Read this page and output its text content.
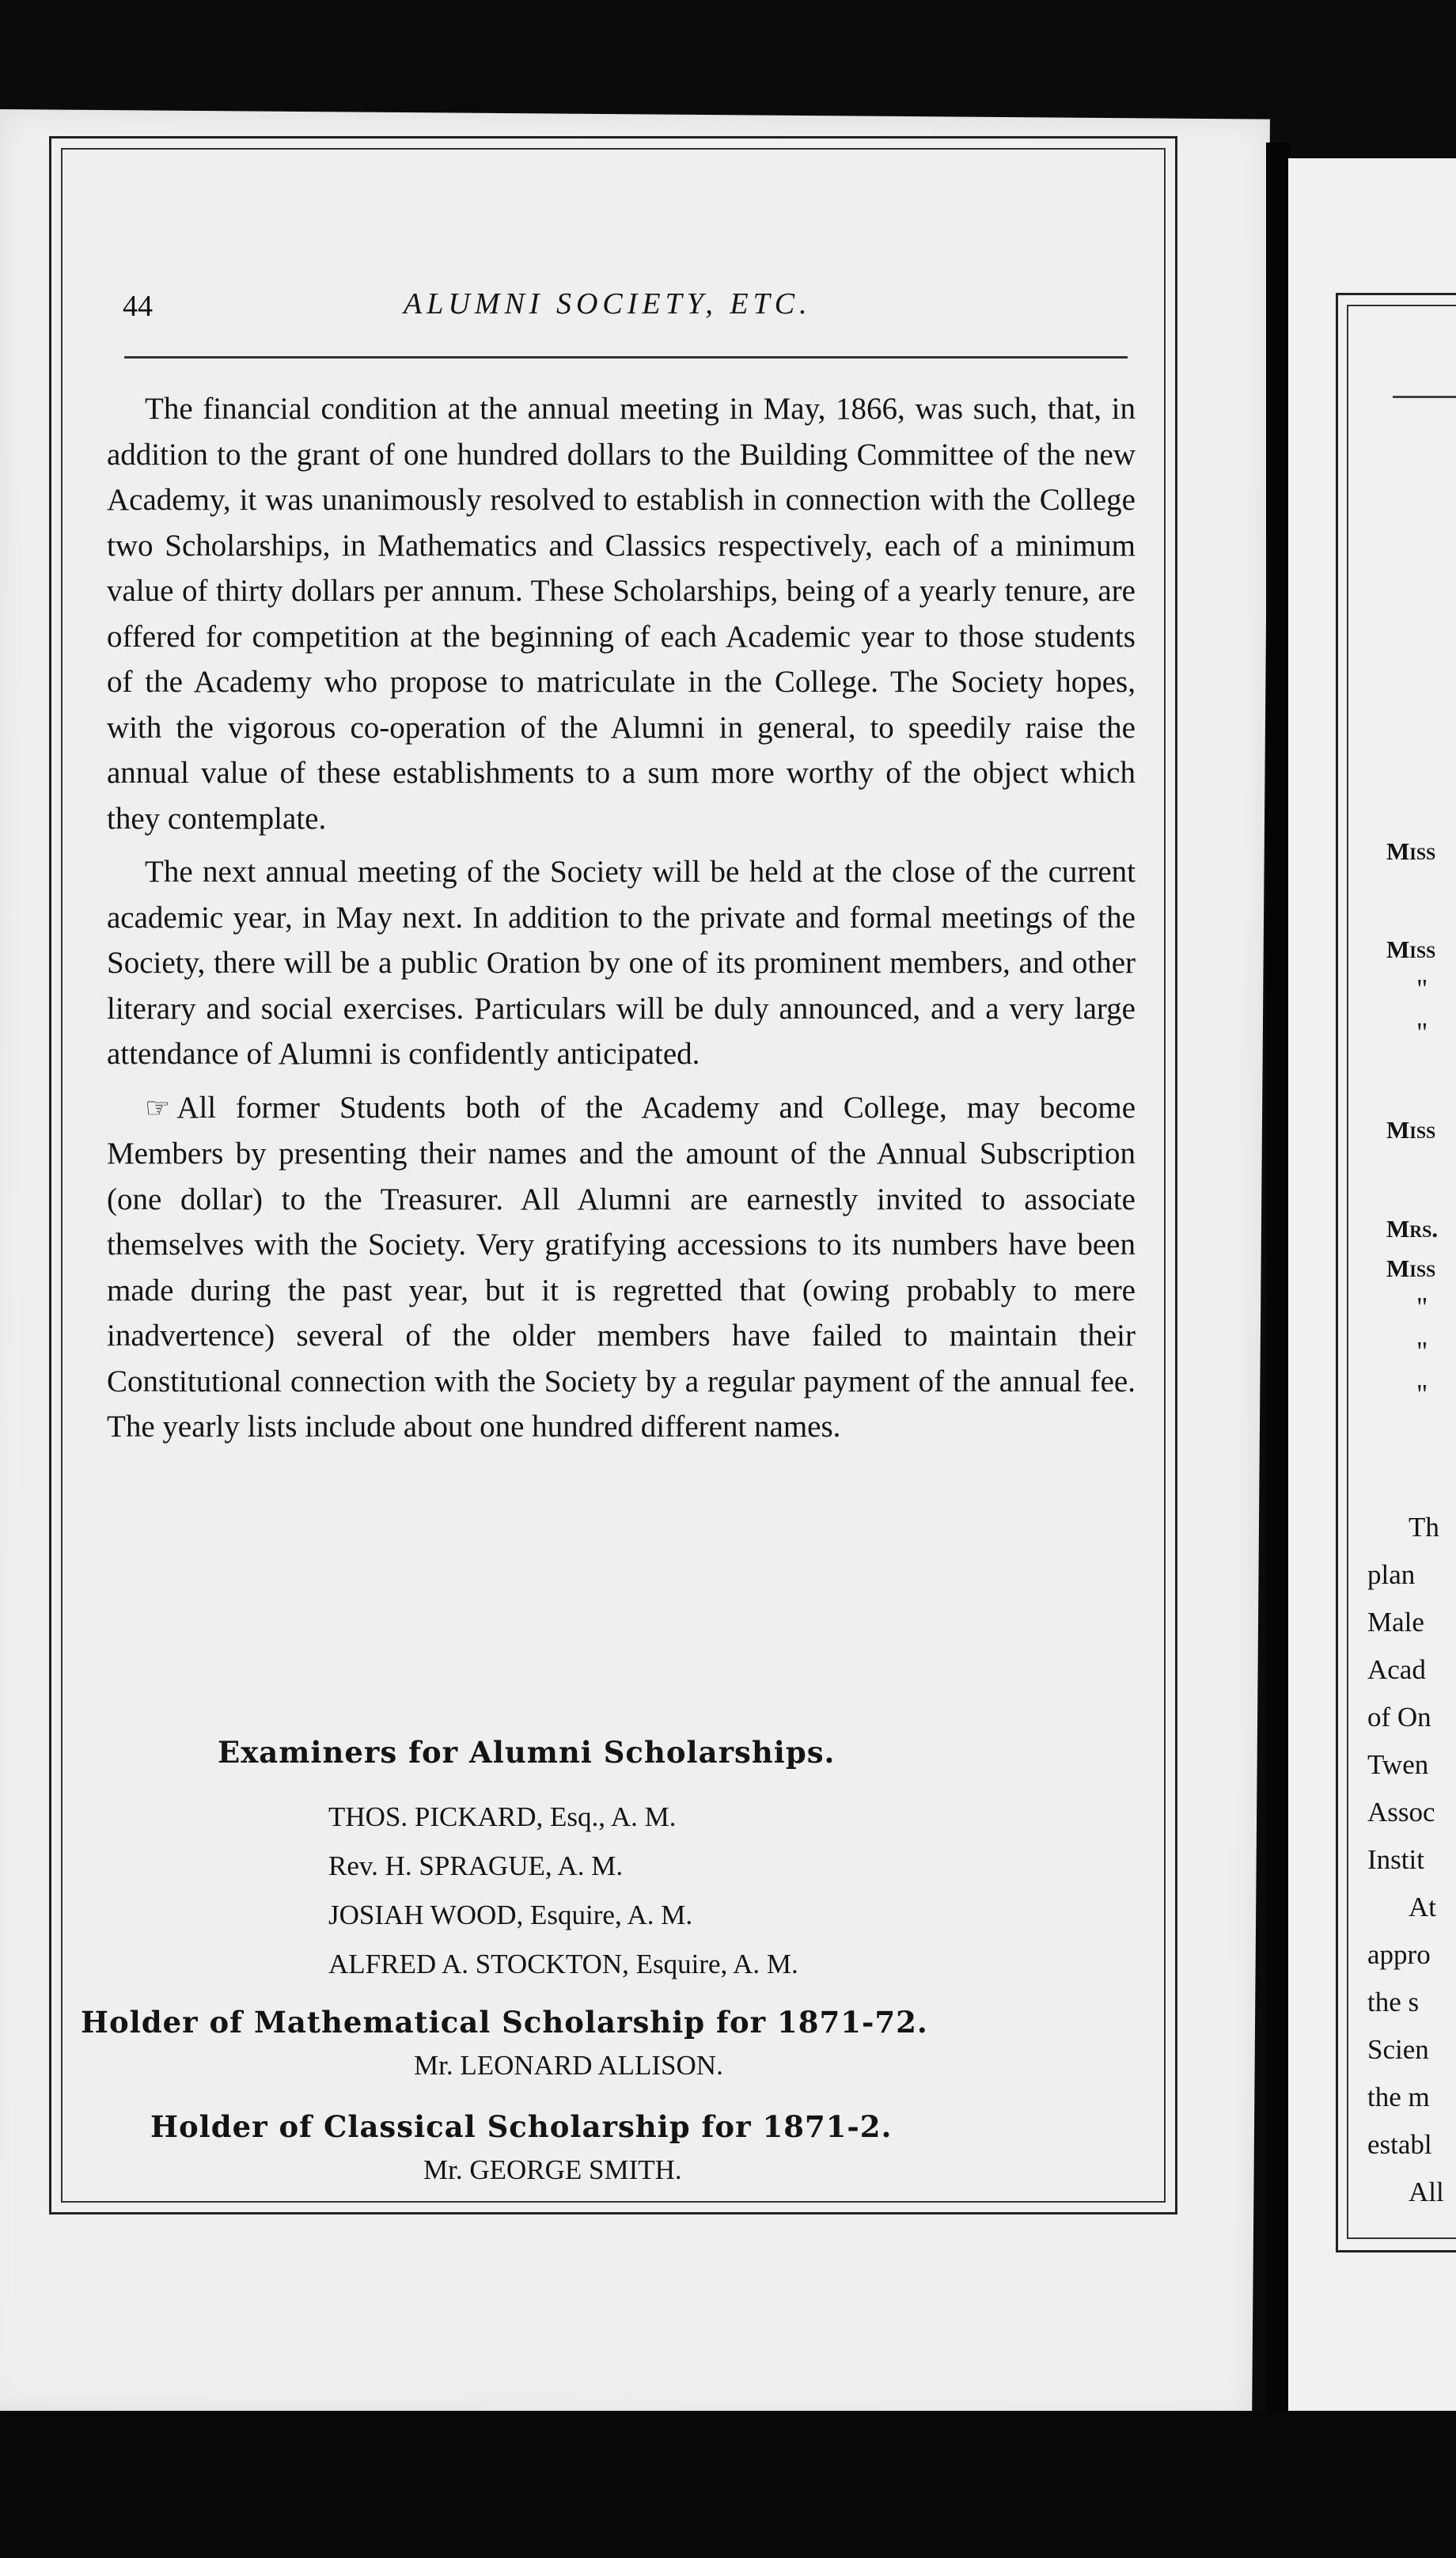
44	ALUMNI SOCIETY, ETC.

The financial condition at the annual meeting in May, 1866, was such, that, in addition to the grant of one hundred dollars to the Building Committee of the new Academy, it was unanimously resolved to establish in connection with the College two Scholarships, in Mathematics and Classics respectively, each of a minimum value of thirty dollars per annum. These Scholarships, being of a yearly tenure, are offered for competition at the beginning of each Academic year to those students of the Academy who propose to matriculate in the College. The Society hopes, with the vigorous co-operation of the Alumni in general, to speedily raise the annual value of these establishments to a sum more worthy of the object which they contemplate.

The next annual meeting of the Society will be held at the close of the current academic year, in May next. In addition to the private and formal meetings of the Society, there will be a public Oration by one of its prominent members, and other literary and social exercises. Particulars will be duly announced, and a very large attendance of Alumni is confidently anticipated.

☞ All former Students both of the Academy and College, may become Members by presenting their names and the amount of the Annual Subscription (one dollar) to the Treasurer. All Alumni are earnestly invited to associate themselves with the Society. Very gratifying accessions to its numbers have been made during the past year, but it is regretted that (owing probably to mere inadvertence) several of the older members have failed to maintain their Constitutional connection with the Society by a regular payment of the annual fee. The yearly lists include about one hundred different names.

Examiners for Alumni Scholarships.
THOS. PICKARD, Esq., A. M.
Rev. H. SPRAGUE, A. M.
JOSIAH WOOD, Esquire, A. M.
ALFRED A. STOCKTON, Esquire, A. M.
Holder of Mathematical Scholarship for 1871-72.
Mr. LEONARD ALLISON.
Holder of Classical Scholarship for 1871-2.
Mr. GEORGE SMITH.
Miss
Miss
"
"
Miss
Mrs.
Miss
"
"
"
Th
plan
Male
Acad
of On
Twen
Assoc
Instit
At
appro
the s
Scien
the m
establ
All
